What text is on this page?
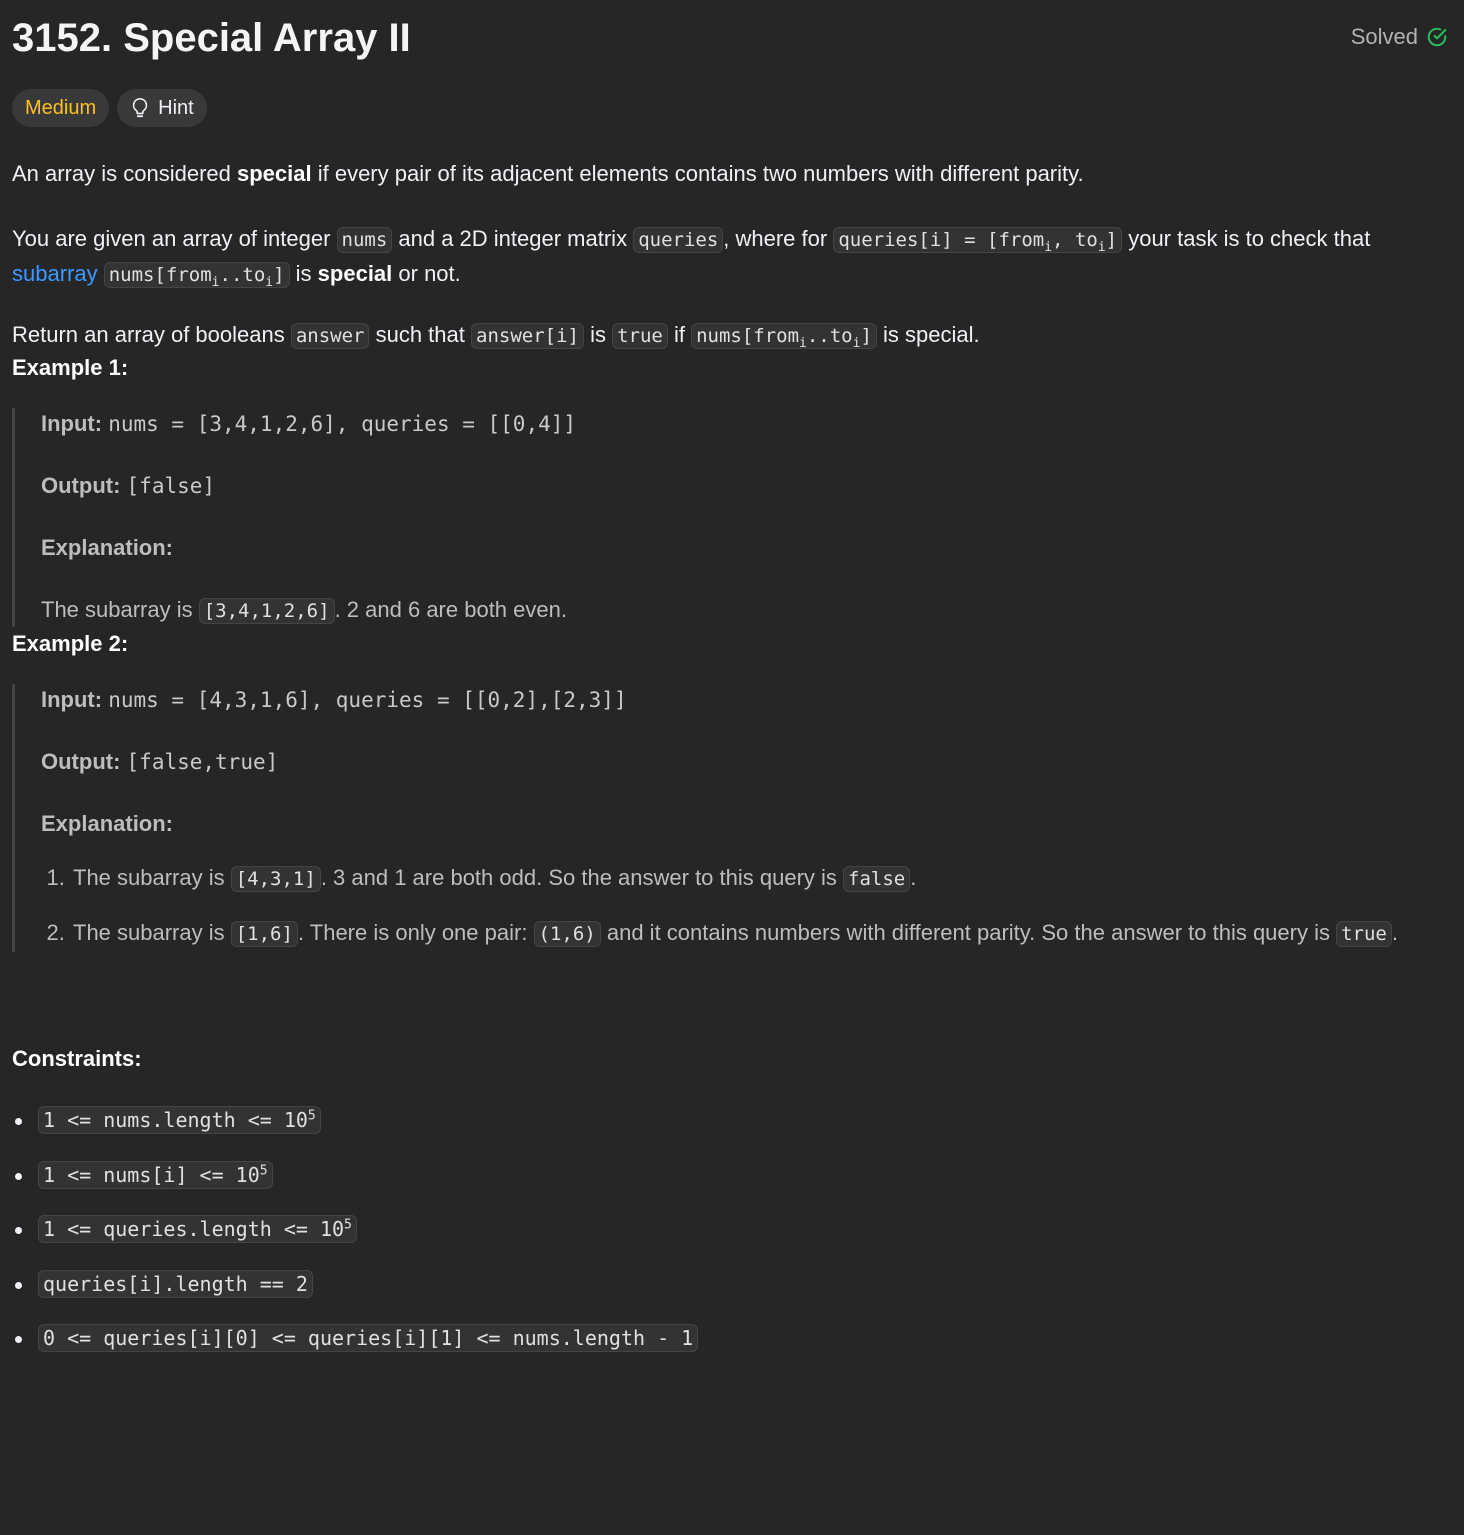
3152. Special Array II	Solved
Medium	Hint

An array is considered special if every pair of its adjacent elements contains two numbers with different parity.

You are given an array of integer nums and a 2D integer matrix queries , where for queries[i] = [from$_i$, $to_i$] your task is to check that
subarray $nums[from_i..to_i]$ is special or not.

Return an array of booleans answer such that answer[i] is true if $nums[from_i..to_i]$ is special.

Example 1:
Input: nums = [3,4,1,2,6], queries = [[0,4]]
Output: [false]
Explanation:
The subarray is [3,4,1,2,6] . 2 and 6 are both even.
Example 2:
Input: nums = [4,3,1,6], queries = [[0,2],[2,3]]
Output: [false,true]
Explanation:
1. The subarray is [4,3,1] . 3 and 1 are both odd. So the answer to this query is false .
2. The subarray is [1,6] . There is only one pair: (1,6) and it contains numbers with different parity. So the answer to this query is true .
Constraints:
1 <= nums.length <= $10^5$
1 <= nums[i] <= $10^5$
1 <= queries.length <= $10^5$
queries[i].length == 2
0 <= queries[i][0] <= queries[i][1] <= nums.length - 1
